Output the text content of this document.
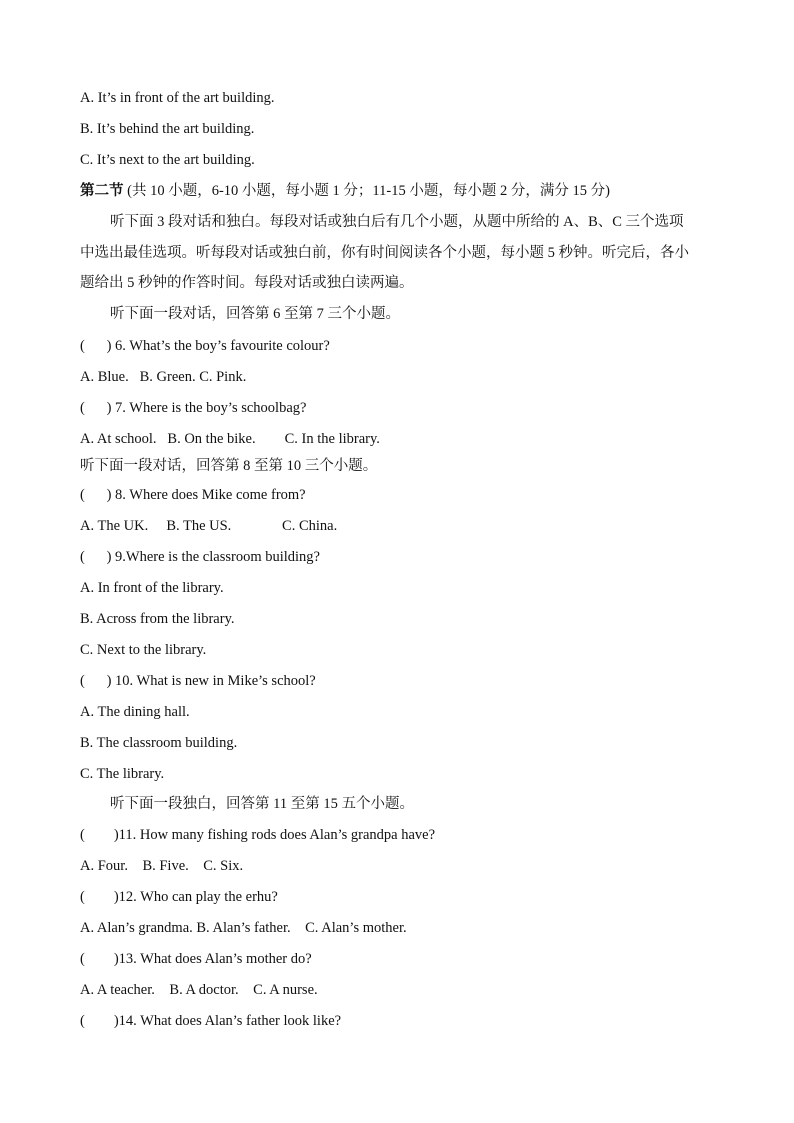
A. It’s in front of the art building.
B. It’s behind the art building.
C. It’s next to the art building.
第二节 (共 10 小题，6-10 小题，每小题 1 分；11-15 小题，每小题 2 分，满分 15 分)
听下面 3 段对话和独白。每段对话或独白后有几个小题，从题中所给的 A、B、C 三个选项
中选出最佳选项。听每段对话或独白前，你有时间阅读各个小题，每小题 5 秒钟。听完后，各小
题给出 5 秒钟的作答时间。每段对话或独白读两遍。
听下面一段对话，回答第 6 至第 7 三个小题。
(      ) 6. What’s the boy’s favourite colour?
A. Blue.   B. Green. C. Pink.
(      ) 7. Where is the boy’s schoolbag?
A. At school.   B. On the bike.        C. In the library.
听下面一段对话，回答第 8 至第 10 三个小题。
(      ) 8. Where does Mike come from?
A. The UK.     B. The US.              C. China.
(      ) 9.Where is the classroom building?
A. In front of the library.
B. Across from the library.
C. Next to the library.
(      ) 10. What is new in Mike’s school?
A. The dining hall.
B. The classroom building.
C. The library.
听下面一段独白，回答第 11 至第 15 五个小题。
(        )11. How many fishing rods does Alan’s grandpa have?
A. Four.    B. Five.    C. Six.
(        )12. Who can play the erhu?
A. Alan’s grandma. B. Alan’s father.    C. Alan’s mother.
(        )13. What does Alan’s mother do?
A. A teacher.    B. A doctor.    C. A nurse.
(        )14. What does Alan’s father look like?
